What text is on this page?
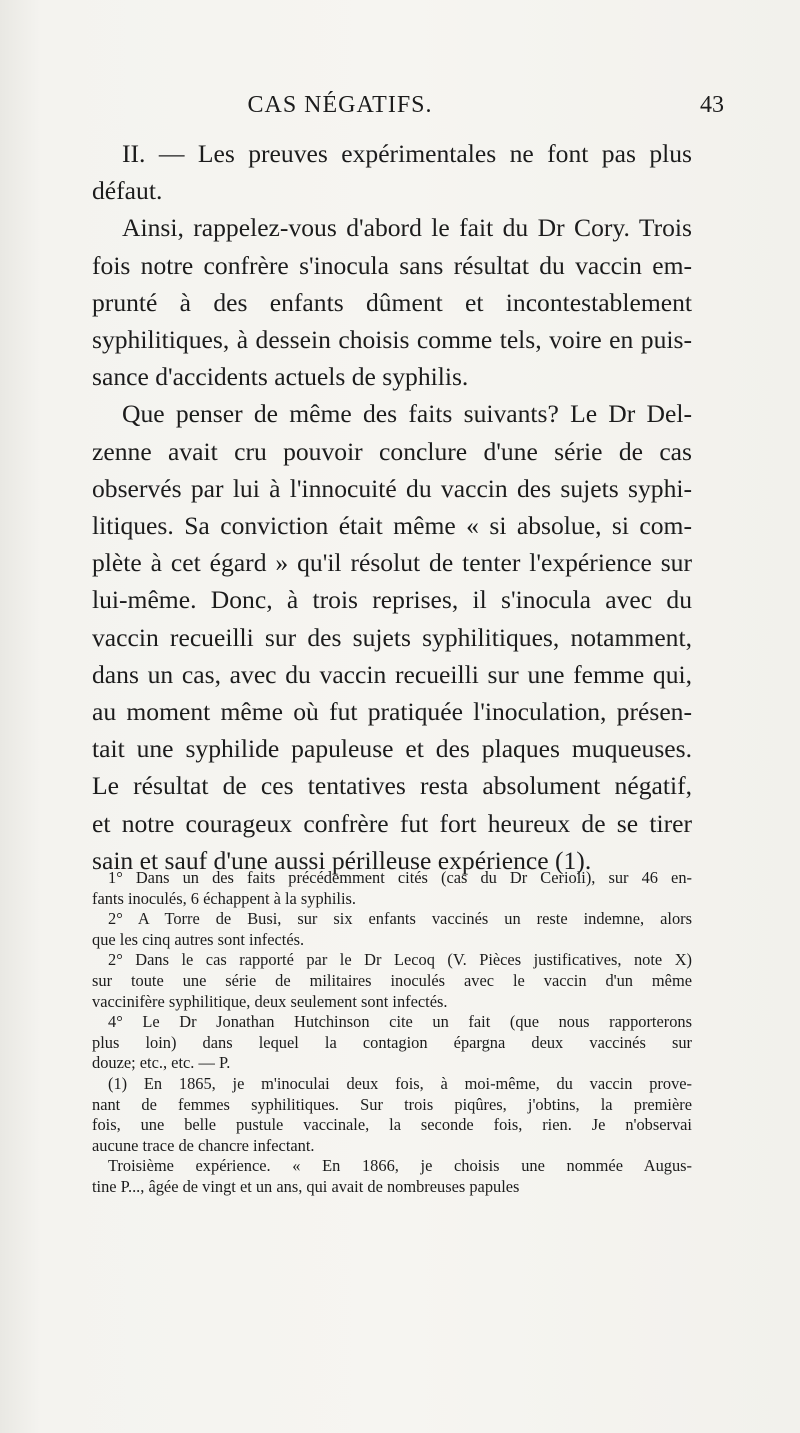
CAS NÉGATIFS.	43
II. — Les preuves expérimentales ne font pas plus
défaut.
Ainsi, rappelez-vous d'abord le fait du Dr Cory. Trois
fois notre confrère s'inocula sans résultat du vaccin em-
prunté à des enfants dûment et incontestablement
syphilitiques, à dessein choisis comme tels, voire en puis-
sance d'accidents actuels de syphilis.
Que penser de même des faits suivants? Le Dr Del-
zenne avait cru pouvoir conclure d'une série de cas
observés par lui à l'innocuité du vaccin des sujets syphi-
litiques. Sa conviction était même « si absolue, si com-
plète à cet égard » qu'il résolut de tenter l'expérience sur
lui-même. Donc, à trois reprises, il s'inocula avec du
vaccin recueilli sur des sujets syphilitiques, notamment,
dans un cas, avec du vaccin recueilli sur une femme qui,
au moment même où fut pratiquée l'inoculation, présen-
tait une syphilide papuleuse et des plaques muqueuses.
Le résultat de ces tentatives resta absolument négatif,
et notre courageux confrère fut fort heureux de se tirer
sain et sauf d'une aussi périlleuse expérience (1).
1° Dans un des faits précédemment cités (cas du Dr Cerioli), sur 46 en-
fants inoculés, 6 échappent à la syphilis.
2° A Torre de Busi, sur six enfants vaccinés un reste indemne, alors
que les cinq autres sont infectés.
2° Dans le cas rapporté par le Dr Lecoq (V. Pièces justificatives, note X)
sur toute une série de militaires inoculés avec le vaccin d'un même
vaccinifère syphilitique, deux seulement sont infectés.
4° Le Dr Jonathan Hutchinson cite un fait (que nous rapporterons
plus loin) dans lequel la contagion épargna deux vaccinés sur
douze; etc., etc. — P.
(1) En 1865, je m'inoculai deux fois, à moi-même, du vaccin prove-
nant de femmes syphilitiques. Sur trois piqûres, j'obtins, la première
fois, une belle pustule vaccinale, la seconde fois, rien. Je n'observai
aucune trace de chancre infectant.
Troisième expérience. « En 1866, je choisis une nommée Augus-
tine P..., âgée de vingt et un ans, qui avait de nombreuses papules
